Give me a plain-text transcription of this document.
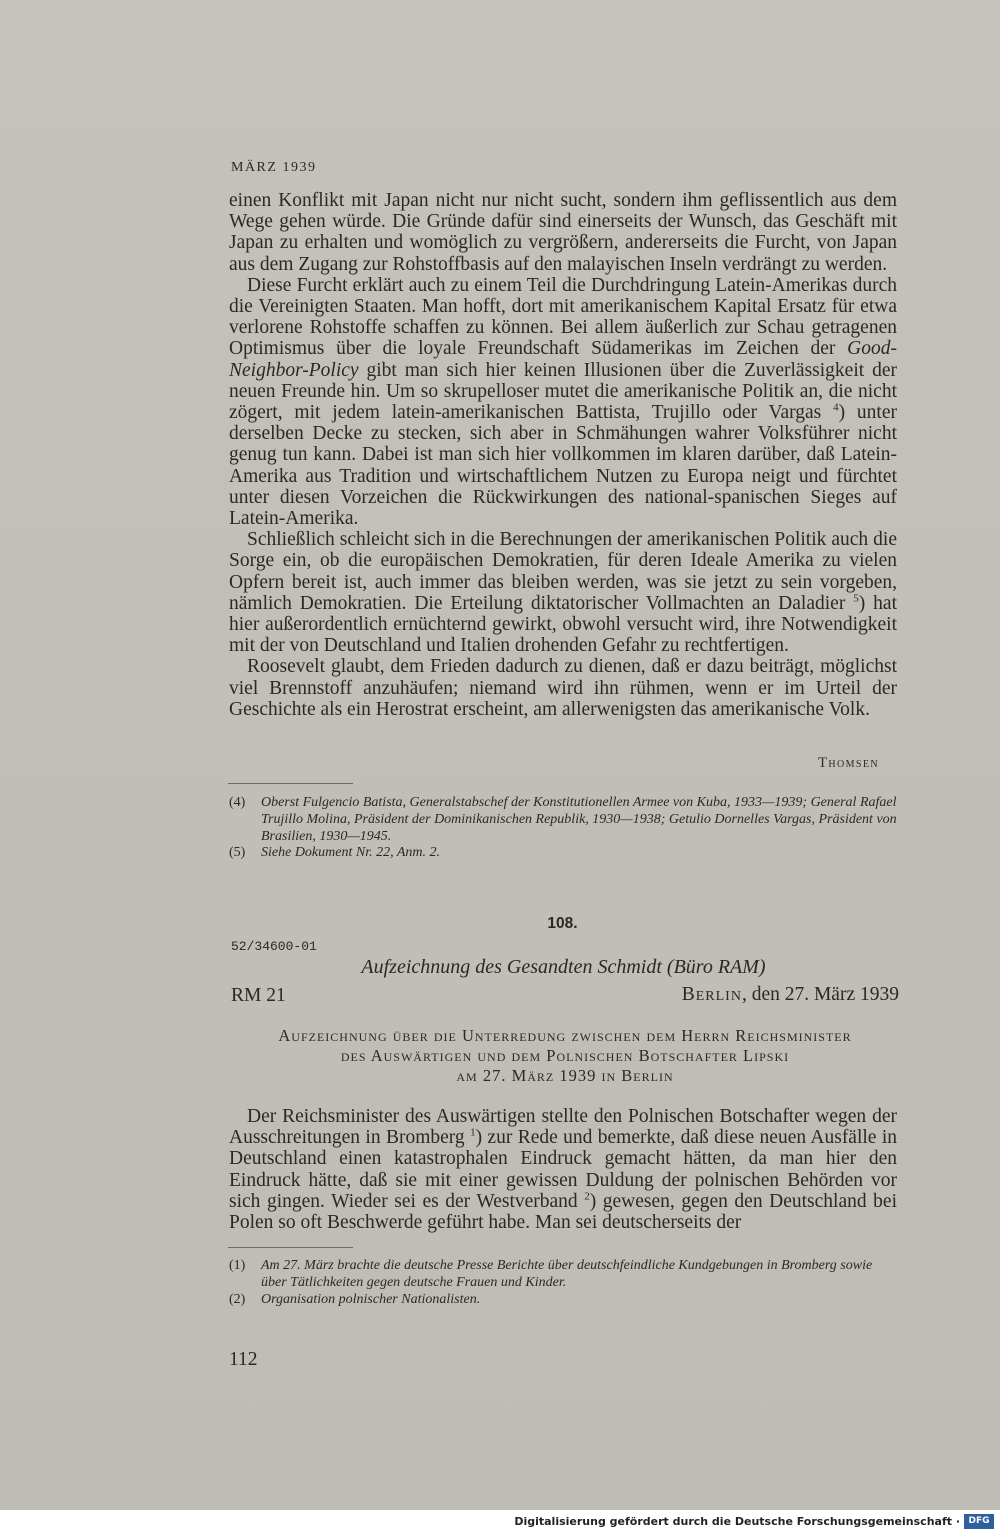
MÄRZ 1939

einen Konflikt mit Japan nicht nur nicht sucht, sondern ihm geflissentlich aus dem Wege gehen würde. Die Gründe dafür sind einerseits der Wunsch, das Geschäft mit Japan zu erhalten und womöglich zu vergrößern, andererseits die Furcht, von Japan aus dem Zugang zur Rohstoffbasis auf den malayischen Inseln verdrängt zu werden.

Diese Furcht erklärt auch zu einem Teil die Durchdringung Latein-Amerikas durch die Vereinigten Staaten. Man hofft, dort mit amerikanischem Kapital Ersatz für etwa verlorene Rohstoffe schaffen zu können. Bei allem äußerlich zur Schau getragenen Optimismus über die loyale Freundschaft Südamerikas im Zeichen der Good-Neighbor-Policy gibt man sich hier keinen Illusionen über die Zuverlässigkeit der neuen Freunde hin. Um so skrupelloser mutet die amerikanische Politik an, die nicht zögert, mit jedem latein-amerikanischen Battista, Trujillo oder Vargas $^4$) unter derselben Decke zu stecken, sich aber in Schmähungen wahrer Volksführer nicht genug tun kann. Dabei ist man sich hier vollkommen im klaren darüber, daß Latein-Amerika aus Tradition und wirtschaftlichem Nutzen zu Europa neigt und fürchtet unter diesen Vorzeichen die Rückwirkungen des national-spanischen Sieges auf Latein-Amerika.

Schließlich schleicht sich in die Berechnungen der amerikanischen Politik auch die Sorge ein, ob die europäischen Demokratien, für deren Ideale Amerika zu vielen Opfern bereit ist, auch immer das bleiben werden, was sie jetzt zu sein vorgeben, nämlich Demokratien. Die Erteilung diktatorischer Vollmachten an Daladier $^5$) hat hier außerordentlich ernüchternd gewirkt, obwohl versucht wird, ihre Notwendigkeit mit der von Deutschland und Italien drohenden Gefahr zu rechtfertigen.

Roosevelt glaubt, dem Frieden dadurch zu dienen, daß er dazu beiträgt, möglichst viel Brennstoff anzuhäufen; niemand wird ihn rühmen, wenn er im Urteil der Geschichte als ein Herostrat erscheint, am allerwenigsten das amerikanische Volk.

Thomsen
(4)	Oberst Fulgencio Batista, Generalstabschef der Konstitutionellen Armee von Kuba, 1933—1939; General Rafael Trujillo Molina, Präsident der Dominikanischen Republik, 1930—1938; Getulio Dornelles Vargas, Präsident von Brasilien, 1930—1945.
(5)	Siehe Dokument Nr. 22, Anm. 2.
108.
52/34600-01
Aufzeichnung des Gesandten Schmidt (Büro RAM)
RM 21	Berlin, den 27. März 1939
Aufzeichnung über die Unterredung zwischen dem Herrn Reichsminister
des Auswärtigen und dem Polnischen Botschafter Lipski
am 27. März 1939 in Berlin

Der Reichsminister des Auswärtigen stellte den Polnischen Botschafter wegen der Ausschreitungen in Bromberg $^1$) zur Rede und bemerkte, daß diese neuen Ausfälle in Deutschland einen katastrophalen Eindruck gemacht hätten, da man hier den Eindruck hätte, daß sie mit einer gewissen Duldung der polnischen Behörden vor sich gingen. Wieder sei es der Westverband $^2$) gewesen, gegen den Deutschland bei Polen so oft Beschwerde geführt habe. Man sei deutscherseits der

(1)	Am 27. März brachte die deutsche Presse Berichte über deutschfeindliche Kundgebungen in Bromberg sowie über Tätlichkeiten gegen deutsche Frauen und Kinder.
(2)	Organisation polnischer Nationalisten.
112
Digitalisierung gefördert durch die Deutsche Forschungsgemeinschaft · DFG
